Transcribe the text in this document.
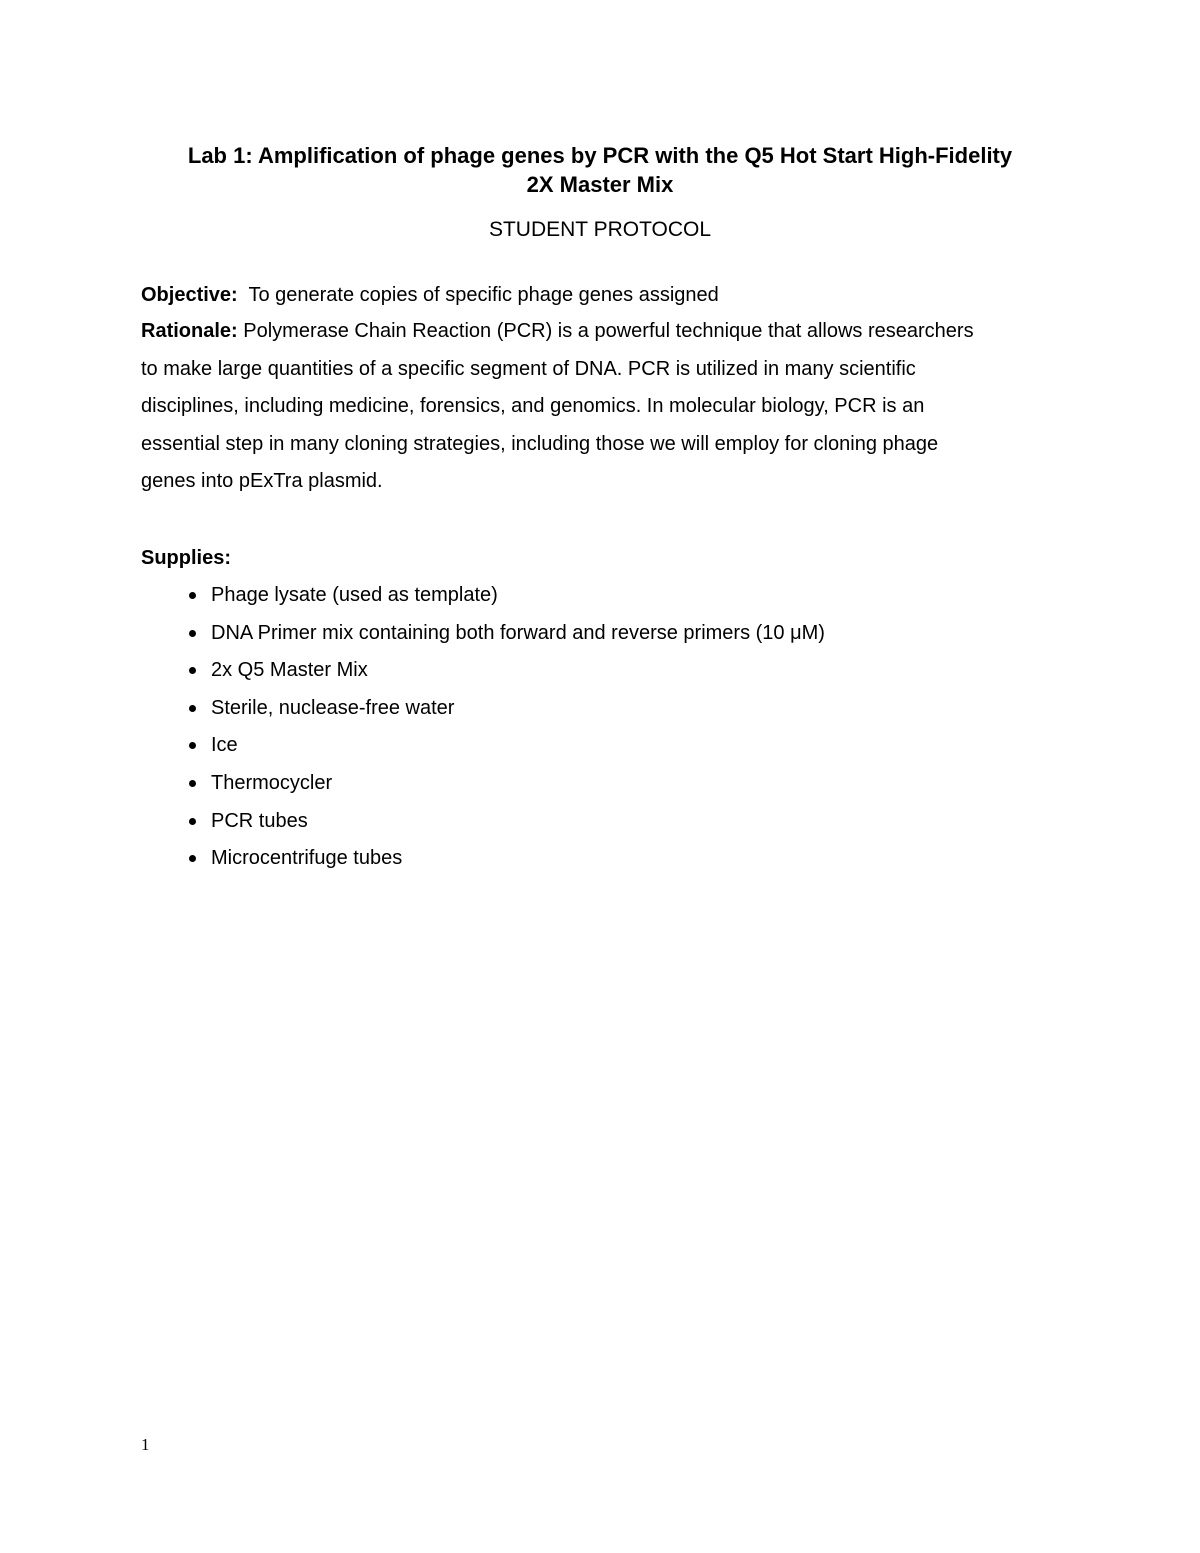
Lab 1: Amplification of phage genes by PCR with the Q5 Hot Start High-Fidelity
2X Master Mix
STUDENT PROTOCOL

Objective: To generate copies of specific phage genes assigned

Rationale: Polymerase Chain Reaction (PCR) is a powerful technique that allows researchers
to make large quantities of a specific segment of DNA. PCR is utilized in many scientific
disciplines, including medicine, forensics, and genomics. In molecular biology, PCR is an
essential step in many cloning strategies, including those we will employ for cloning phage
genes into pExTra plasmid.

Supplies:

Phage lysate (used as template)
DNA Primer mix containing both forward and reverse primers (10 μM)
2x Q5 Master Mix
Sterile, nuclease-free water
Ice
Thermocycler
PCR tubes
Microcentrifuge tubes

1
